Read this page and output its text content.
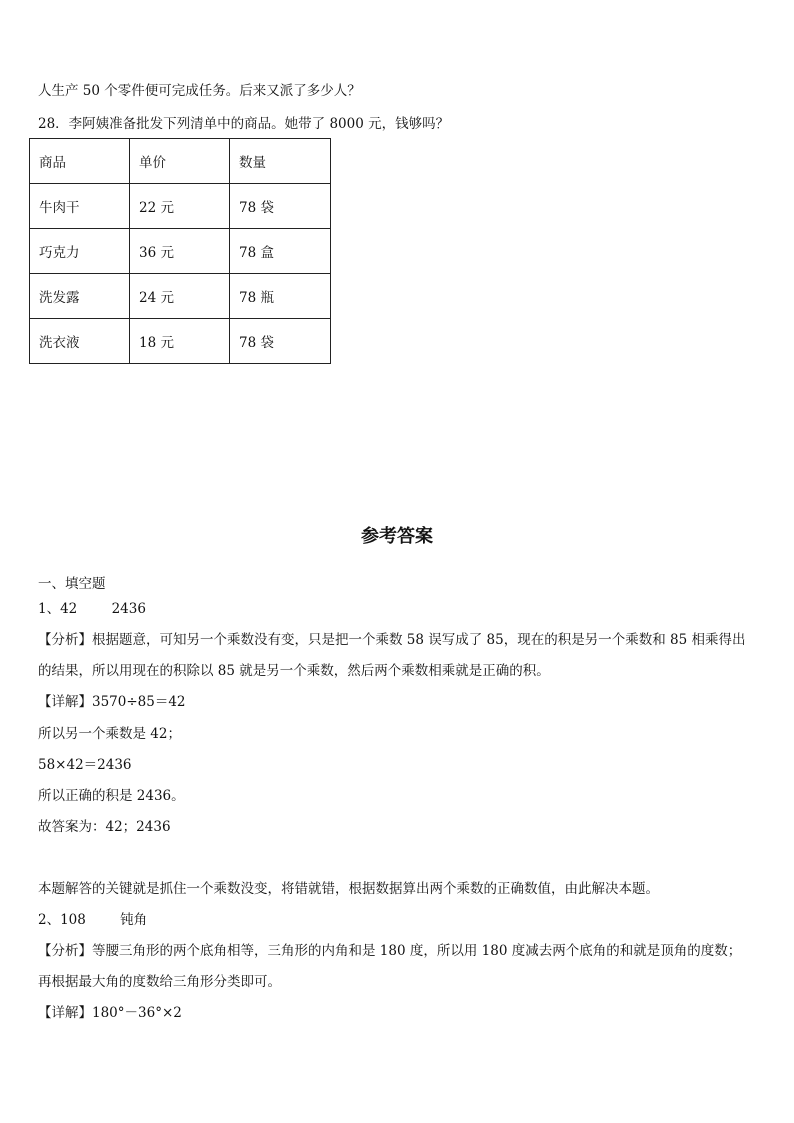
人生产 50 个零件便可完成任务。后来又派了多少人？
28．李阿姨准备批发下列清单中的商品。她带了 8000 元，钱够吗？
商品	单价	数量
牛肉干	22 元	78 袋
巧克力	36 元	78 盒
洗发露	24 元	78 瓶
洗衣液	18 元	78 袋
参考答案
一、填空题
1、42        2436
【分析】根据题意，可知另一个乘数没有变，只是把一个乘数 58 误写成了 85，现在的积是另一个乘数和 85 相乘得出
的结果，所以用现在的积除以 85 就是另一个乘数，然后两个乘数相乘就是正确的积。
【详解】3570÷85＝42
所以另一个乘数是 42；
58×42＝2436
所以正确的积是 2436。
故答案为：42；2436
本题解答的关键就是抓住一个乘数没变，将错就错，根据数据算出两个乘数的正确数值，由此解决本题。
2、108        钝角
【分析】等腰三角形的两个底角相等，三角形的内角和是 180 度，所以用 180 度减去两个底角的和就是顶角的度数；
再根据最大角的度数给三角形分类即可。
【详解】180°－36°×2
